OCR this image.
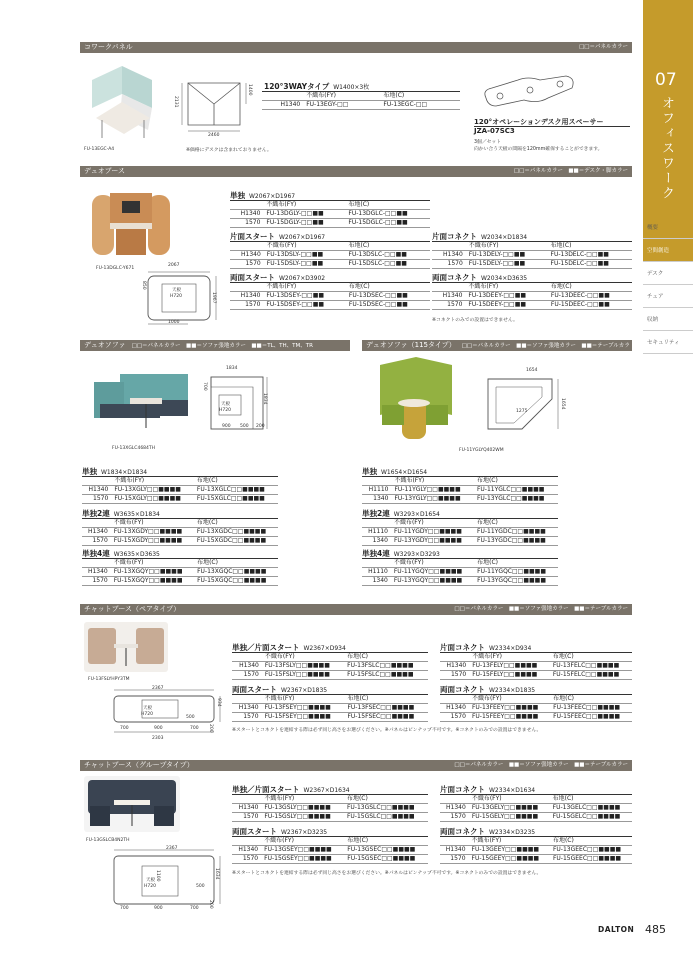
コワークパネル	□□＝パネルカラー
FU-13EGC-A4
2131
1400
2460
※価格にデスクは含まれておりません。
120°3WAYタイプ W1400×3枚
	不織布(FY)	布地(C)
H1340	FU-13EGY-□□	FU-13EGC-□□
120°オペレーションデスク用スペーサー
JZA-07SC3
3個／セット
向かい合う天板の間隔を120mm確保することができます。
デュオブース	□□＝パネルカラー　■■＝デスク・脚カラー
FU-13DGLC-Y671
2067
850
1967
天板
H720
1000
単独 W2067×D1967
	不織布(FY)	布地(C)
H1340	FU-13DGLY-□□■■	FU-13DGLC-□□■■
1570	FU-15DGLY-□□■■	FU-15DGLC-□□■■
片面スタート W2067×D1967
	不織布(FY)	布地(C)
H1340	FU-13DSLY-□□■■	FU-13DSLC-□□■■
1570	FU-15DSLY-□□■■	FU-15DSLC-□□■■
両面スタート W2067×D3902
	不織布(FY)	布地(C)
H1340	FU-13DSEY-□□■■	FU-13DSEC-□□■■
1570	FU-15DSEY-□□■■	FU-15DSEC-□□■■
片面コネクト W2034×D1834
	不織布(FY)	布地(C)
H1340	FU-13DELY-□□■■	FU-13DELC-□□■■
1570	FU-15DELY-□□■■	FU-15DELC-□□■■
両面コネクト W2034×D3635
	不織布(FY)	布地(C)
H1340	FU-13DEEY-□□■■	FU-13DEEC-□□■■
1570	FU-15DEEY-□□■■	FU-15DEEC-□□■■
※コネクトのみでの設置はできません。
デュオソファ □□＝パネルカラー　■■＝ソファ張地カラー　■■＝TL、TH、TM、TR	デュオソファ（115タイプ） □□＝パネルカラー　■■＝ソファ張地カラー　■■＝テーブルカラー
FU-13XGLC4684TH
1834
700
1834
天板
H720
900 500 200
FU-11YGLYQ402WM
1654
1654
1275
単独 W1834×D1834
	不織布(FY)	布地(C)
H1340	FU-13XGLY□□■■■■	FU-13XGLC□□■■■■
1570	FU-15XGLY□□■■■■	FU-15XGLC□□■■■■
単独2連 W3635×D1834
	不織布(FY)	布地(C)
H1340	FU-13XGDY□□■■■■	FU-13XGDC□□■■■■
1570	FU-15XGDY□□■■■■	FU-15XGDC□□■■■■
単独4連 W3635×D3635
	不織布(FY)	布地(C)
H1340	FU-13XGQY□□■■■■	FU-13XGQC□□■■■■
1570	FU-15XGQY□□■■■■	FU-15XGQC□□■■■■
単独 W1654×D1654
	不織布(FY)	布地(C)
H1110	FU-11YGLY□□■■■■	FU-11YGLC□□■■■■
1340	FU-13YGLY□□■■■■	FU-13YGLC□□■■■■
単独2連 W3293×D1654
	不織布(FY)	布地(C)
H1110	FU-11YGDY□□■■■■	FU-11YGDC□□■■■■
1340	FU-13YGDY□□■■■■	FU-13YGDC□□■■■■
単独4連 W3293×D3293
	不織布(FY)	布地(C)
H1110	FU-11YGQY□□■■■■	FU-11YGQC□□■■■■
1340	FU-13YGQY□□■■■■	FU-13YGQC□□■■■■
チャットブース（ペアタイプ）	□□＝パネルカラー　■■＝ソファ張地カラー　■■＝テーブルカラー
FU-13FSLYHPY3TM
2367
天板
H720
500
700	900	700
2303
934
200
単独／片面スタート W2367×D934
	不織布(FY)	布地(C)
H1340	FU-13FSLY□□■■■■	FU-13FSLC□□■■■■
1570	FU-15FSLY□□■■■■	FU-15FSLC□□■■■■
両面スタート W2367×D1835
	不織布(FY)	布地(C)
H1340	FU-13FSEY□□■■■■	FU-13FSEC□□■■■■
1570	FU-15FSEY□□■■■■	FU-15FSEC□□■■■■
片面コネクト W2334×D934
	不織布(FY)	布地(C)
H1340	FU-13FELY□□■■■■	FU-13FELC□□■■■■
1570	FU-15FELY□□■■■■	FU-15FELC□□■■■■
両面コネクト W2334×D1835
	不織布(FY)	布地(C)
H1340	FU-13FEEY□□■■■■	FU-13FEEC□□■■■■
1570	FU-15FEEY□□■■■■	FU-15FEEC□□■■■■
※スタートとコネクトを連結する際は必ず同じ高さをお選びください。※パネルはピンナップ不可です。※コネクトのみでの設置はできません。
チャットブース（グループタイプ）	□□＝パネルカラー　■■＝ソファ張地カラー　■■＝テーブルカラー
FU-13GSLCB4N2TH
2367
天板
H720
1100
500
1634
200
700	900	700
単独／片面スタート W2367×D1634
	不織布(FY)	布地(C)
H1340	FU-13GSLY□□■■■■	FU-13GSLC□□■■■■
1570	FU-15GSLY□□■■■■	FU-15GSLC□□■■■■
両面スタート W2367×D3235
	不織布(FY)	布地(C)
H1340	FU-13GSEY□□■■■■	FU-13GSEC□□■■■■
1570	FU-15GSEY□□■■■■	FU-15GSEC□□■■■■
片面コネクト W2334×D1634
	不織布(FY)	布地(C)
H1340	FU-13GELY□□■■■■	FU-13GELC□□■■■■
1570	FU-15GELY□□■■■■	FU-15GELC□□■■■■
両面コネクト W2334×D3235
	不織布(FY)	布地(C)
H1340	FU-13GEEY□□■■■■	FU-13GEEC□□■■■■
1570	FU-15GEEY□□■■■■	FU-15GEEC□□■■■■
※スタートとコネクトを連結する際は必ず同じ高さをお選びください。※パネルはピンナップ不可です。※コネクトのみでの設置はできません。
07
オフィスワーク
概要
空間創造
デスク
チェア
収納
セキュリティ
DALTON 485
